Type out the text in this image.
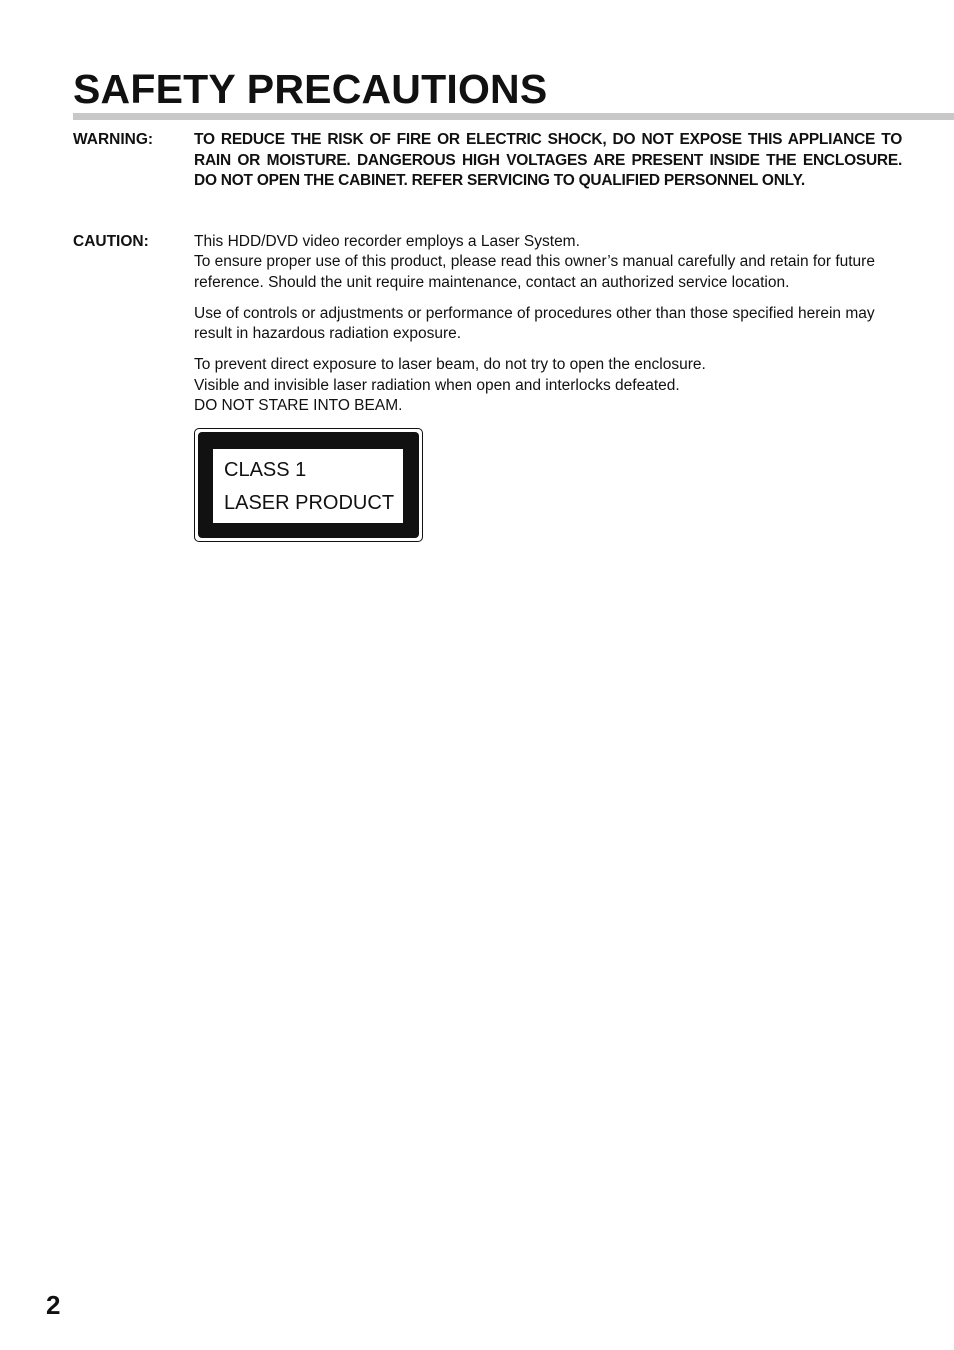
SAFETY PRECAUTIONS
WARNING:	TO REDUCE THE RISK OF FIRE OR ELECTRIC SHOCK, DO NOT EXPOSE THIS APPLIANCE TO RAIN OR MOISTURE. DANGEROUS HIGH VOLTAGES ARE PRESENT INSIDE THE ENCLOSURE. DO NOT OPEN THE CABINET. REFER SERVICING TO QUALIFIED PERSONNEL ONLY.

CAUTION:	This HDD/DVD video recorder employs a Laser System.
To ensure proper use of this product, please read this owner’s manual carefully and retain for future reference. Should the unit require maintenance, contact an authorized service location.

Use of controls or adjustments or performance of procedures other than those specified herein may result in hazardous radiation exposure.

To prevent direct exposure to laser beam, do not try to open the enclosure.
Visible and invisible laser radiation when open and interlocks defeated.
DO NOT STARE INTO BEAM.

CLASS 1
LASER PRODUCT
2
